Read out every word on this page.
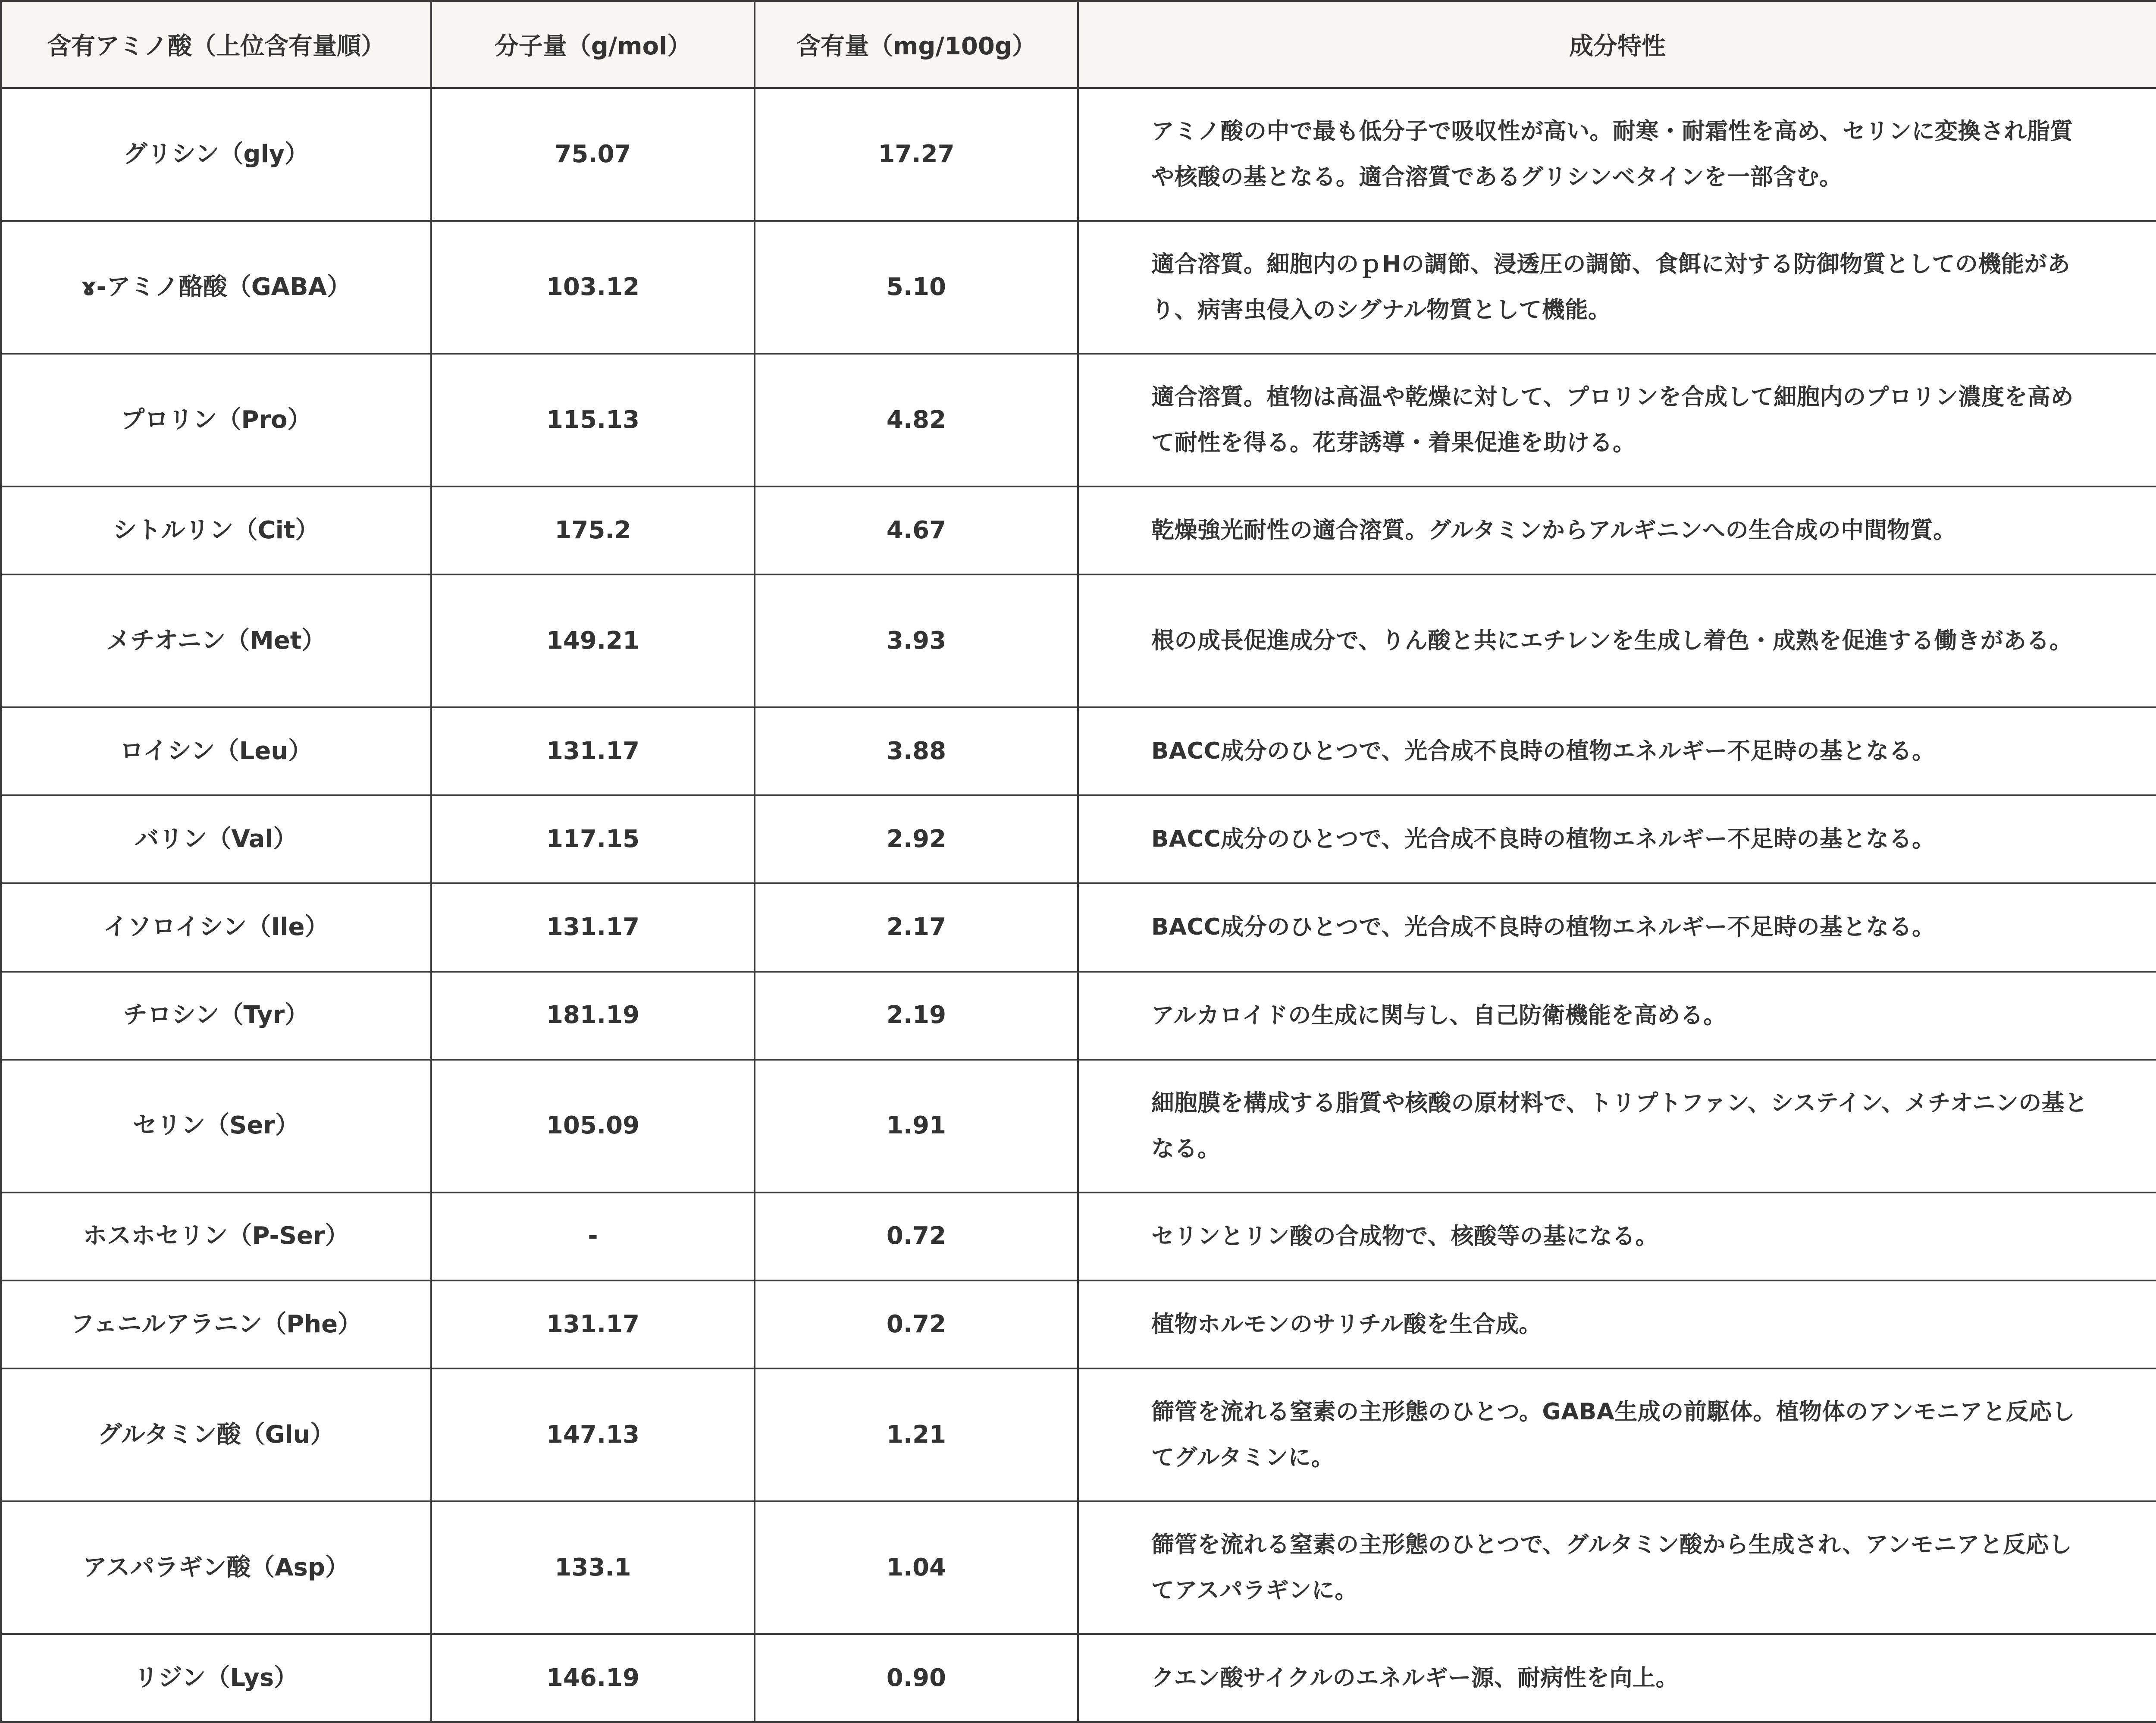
含有アミノ酸（上位含有量順）	分子量（g/mol）	含有量（mg/100g）	成分特性
グリシン（gly）	75.07	17.27	アミノ酸の中で最も低分子で吸収性が高い。耐寒・耐霜性を高め、セリンに変換され脂質や核酸の基となる。適合溶質であるグリシンベタインを一部含む。
ɤ-アミノ酪酸（GABA）	103.12	5.10	適合溶質。細胞内のｐHの調節、浸透圧の調節、食餌に対する防御物質としての機能があり、病害虫侵入のシグナル物質として機能。
プロリン（Pro）	115.13	4.82	適合溶質。植物は高温や乾燥に対して、プロリンを合成して細胞内のプロリン濃度を高めて耐性を得る。花芽誘導・着果促進を助ける。
シトルリン（Cit）	175.2	4.67	乾燥強光耐性の適合溶質。グルタミンからアルギニンへの生合成の中間物質。
メチオニン（Met）	149.21	3.93	根の成長促進成分で、りん酸と共にエチレンを生成し着色・成熟を促進する働きがある。
ロイシン（Leu）	131.17	3.88	BACC成分のひとつで、光合成不良時の植物エネルギー不足時の基となる。
バリン（Val）	117.15	2.92	BACC成分のひとつで、光合成不良時の植物エネルギー不足時の基となる。
イソロイシン（Ile）	131.17	2.17	BACC成分のひとつで、光合成不良時の植物エネルギー不足時の基となる。
チロシン（Tyr）	181.19	2.19	アルカロイドの生成に関与し、自己防衛機能を高める。
セリン（Ser）	105.09	1.91	細胞膜を構成する脂質や核酸の原材料で、トリプトファン、システイン、メチオニンの基となる。
ホスホセリン（P-Ser）	-	0.72	セリンとリン酸の合成物で、核酸等の基になる。
フェニルアラニン（Phe）	131.17	0.72	植物ホルモンのサリチル酸を生合成。
グルタミン酸（Glu）	147.13	1.21	篩管を流れる窒素の主形態のひとつ。GABA生成の前駆体。植物体のアンモニアと反応してグルタミンに。
アスパラギン酸（Asp）	133.1	1.04	篩管を流れる窒素の主形態のひとつで、グルタミン酸から生成され、アンモニアと反応してアスパラギンに。
リジン（Lys）	146.19	0.90	クエン酸サイクルのエネルギー源、耐病性を向上。
